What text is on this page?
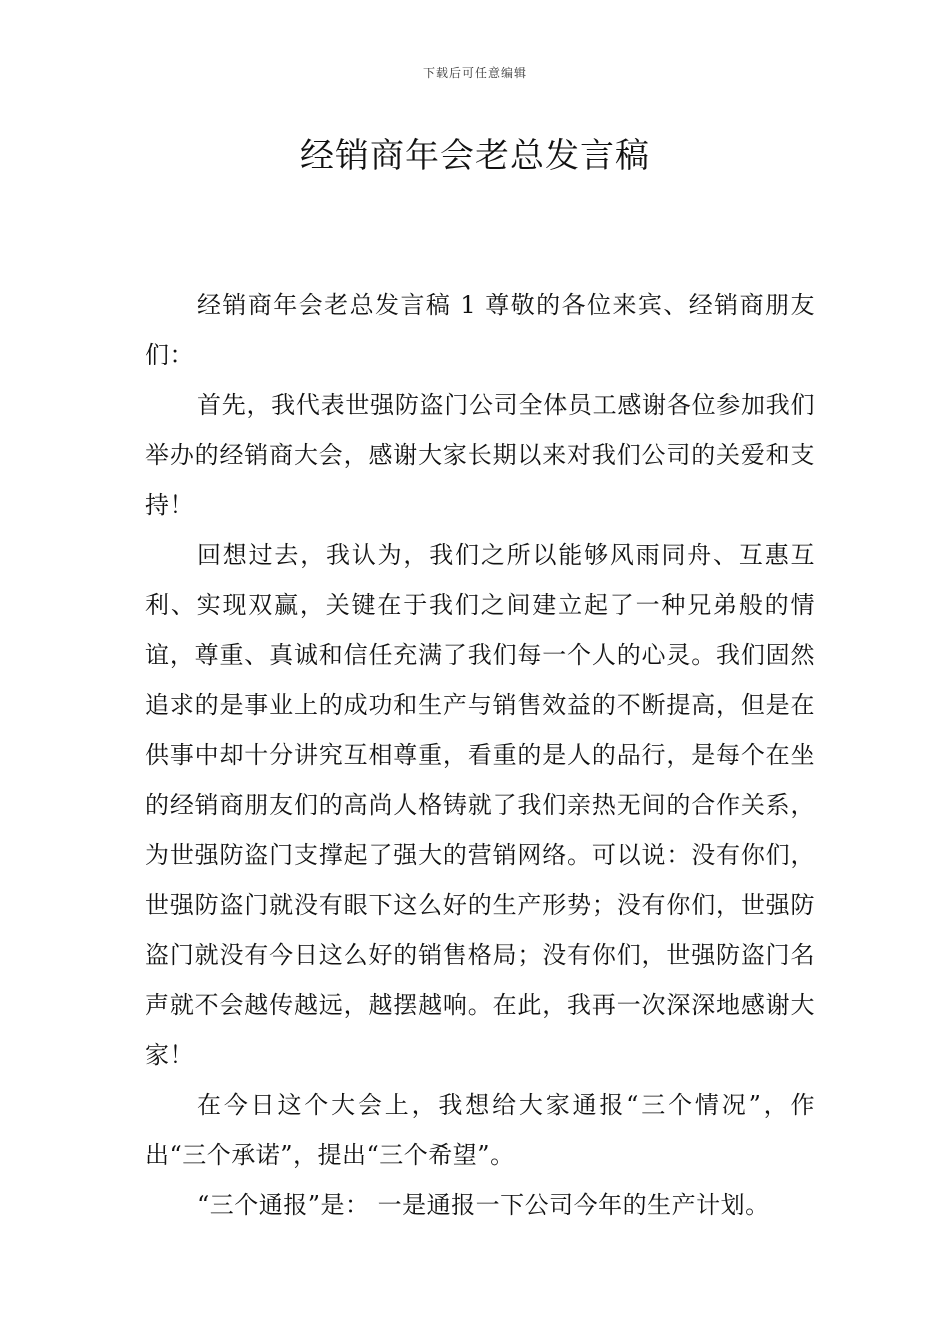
下载后可任意编辑
经销商年会老总发言稿

经销商年会老总发言稿 1 尊敬的各位来宾、经销商朋友们：

首先，我代表世强防盗门公司全体员工感谢各位参加我们举办的经销商大会，感谢大家长期以来对我们公司的关爱和支持！

回想过去，我认为，我们之所以能够风雨同舟、互惠互利、实现双赢，关键在于我们之间建立起了一种兄弟般的情谊，尊重、真诚和信任充满了我们每一个人的心灵。我们固然追求的是事业上的成功和生产与销售效益的不断提高，但是在供事中却十分讲究互相尊重，看重的是人的品行，是每个在坐的经销商朋友们的高尚人格铸就了我们亲热无间的合作关系，为世强防盗门支撑起了强大的营销网络。可以说：没有你们，世强防盗门就没有眼下这么好的生产形势；没有你们，世强防盗门就没有今日这么好的销售格局；没有你们，世强防盗门名声就不会越传越远，越摆越响。在此，我再一次深深地感谢大家！

在今日这个大会上，我想给大家通报“三个情况”，作出“三个承诺”，提出“三个希望”。

“三个通报”是： 一是通报一下公司今年的生产计划。
